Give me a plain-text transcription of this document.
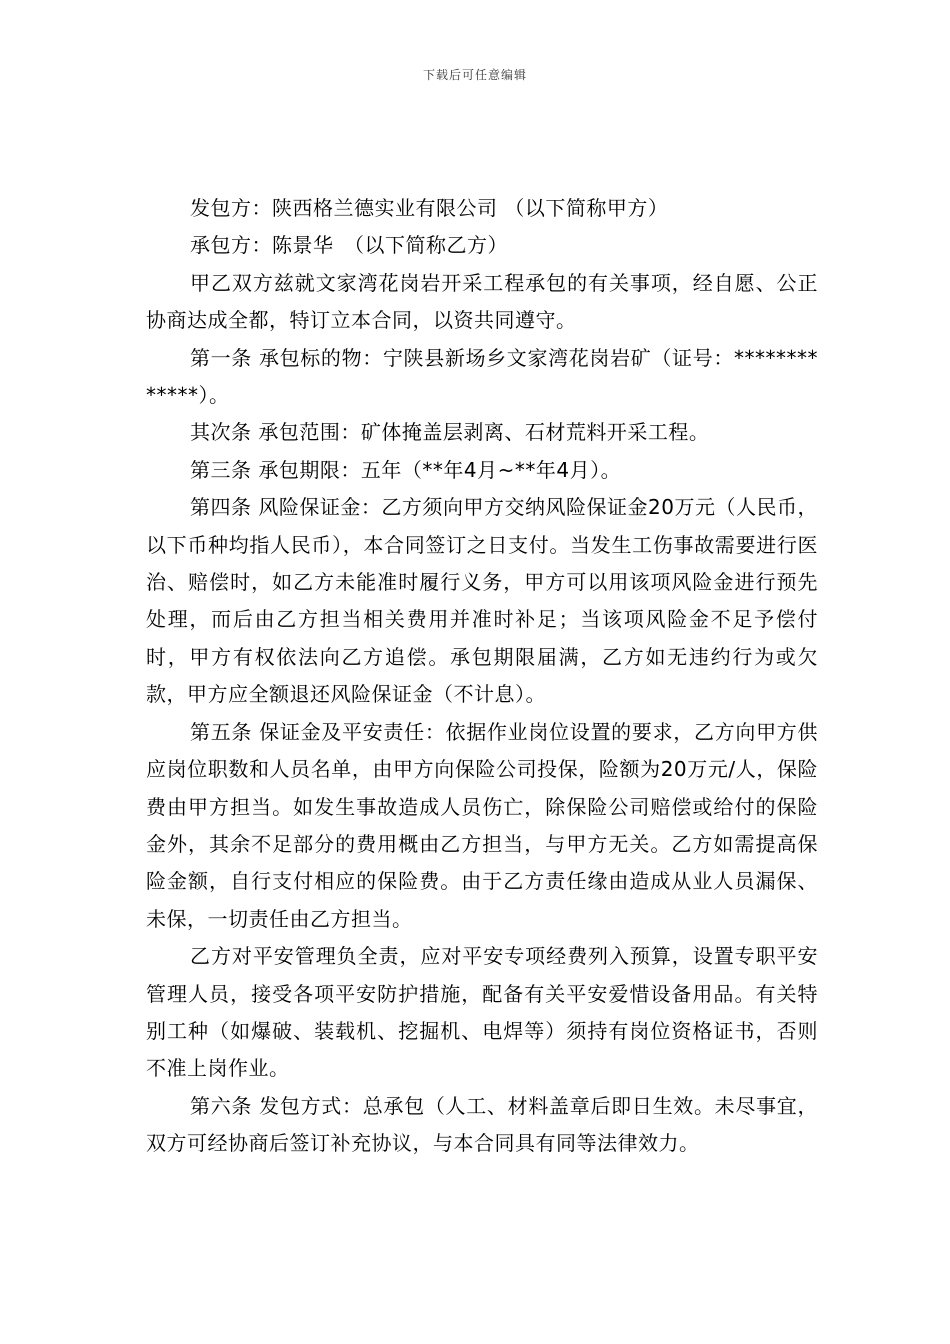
下载后可任意编辑

发包方：陕西格兰德实业有限公司 （以下简称甲方）

承包方：陈景华　（以下简称乙方）

甲乙双方兹就文家湾花岗岩开采工程承包的有关事项，经自愿、公正协商达成全都，特订立本合同，以资共同遵守。

第一条 承包标的物：宁陕县新场乡文家湾花岗岩矿（证号：*************）。

其次条 承包范围：矿体掩盖层剥离、石材荒料开采工程。

第三条 承包期限：五年（**年4月~**年4月）。

第四条 风险保证金：乙方须向甲方交纳风险保证金20万元（人民币，以下币种均指人民币），本合同签订之日支付。当发生工伤事故需要进行医治、赔偿时，如乙方未能准时履行义务，甲方可以用该项风险金进行预先处理，而后由乙方担当相关费用并准时补足；当该项风险金不足予偿付时，甲方有权依法向乙方追偿。承包期限届满，乙方如无违约行为或欠款，甲方应全额退还风险保证金（不计息）。

第五条 保证金及平安责任：依据作业岗位设置的要求，乙方向甲方供应岗位职数和人员名单，由甲方向保险公司投保，险额为20万元/人，保险费由甲方担当。如发生事故造成人员伤亡，除保险公司赔偿或给付的保险金外，其余不足部分的费用概由乙方担当，与甲方无关。乙方如需提高保险金额，自行支付相应的保险费。由于乙方责任缘由造成从业人员漏保、未保，一切责任由乙方担当。

乙方对平安管理负全责，应对平安专项经费列入预算，设置专职平安管理人员，接受各项平安防护措施，配备有关平安爱惜设备用品。有关特别工种（如爆破、装载机、挖掘机、电焊等）须持有岗位资格证书，否则不准上岗作业。

第六条 发包方式：总承包（人工、材料盖章后即日生效。未尽事宜，双方可经协商后签订补充协议，与本合同具有同等法律效力。
